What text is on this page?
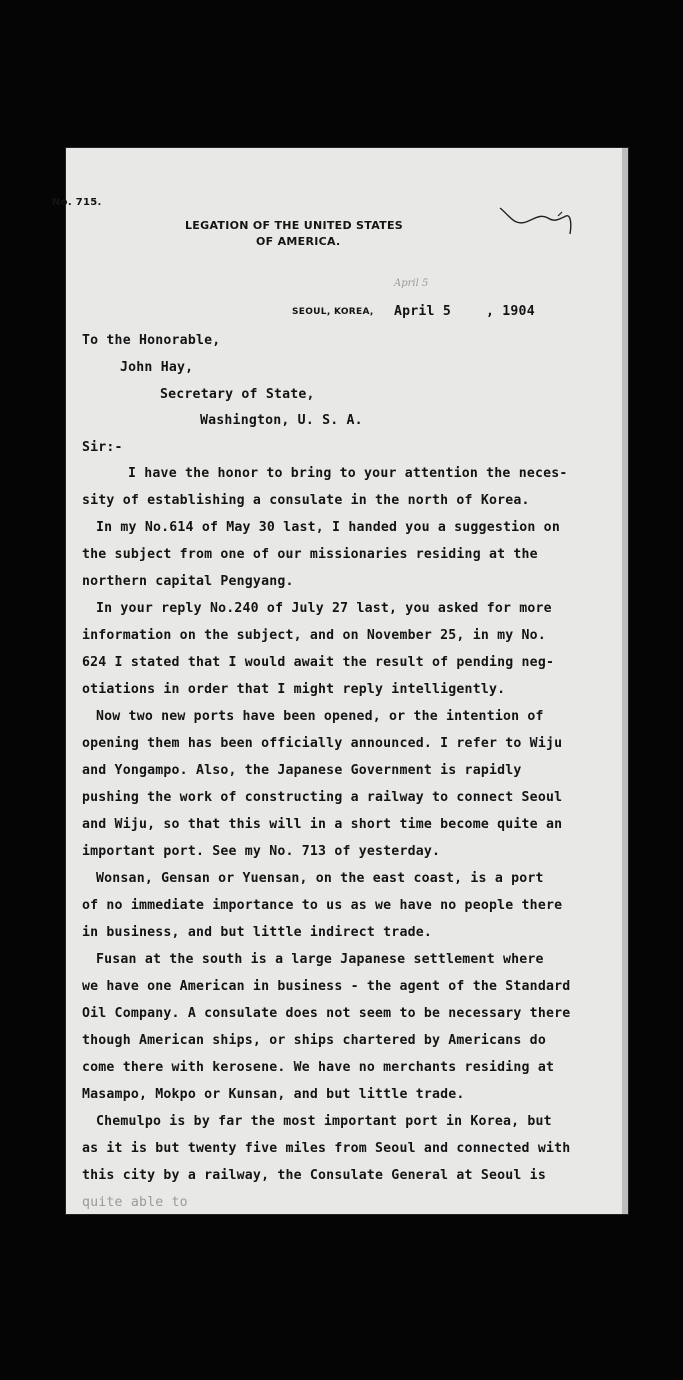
No. 715.
LEGATION OF THE UNITED STATES
OF AMERICA.
April 5
SEOUL, KOREA, April 5	, 1904
To the Honorable,
John Hay,
Secretary of State,
Washington, U. S. A.
Sir:-
I have the honor to bring to your attention the neces-
sity of establishing a consulate in the north of Korea.
In my No.614 of May 30 last, I handed you a suggestion on
the subject from one of our missionaries residing at the
northern capital Pengyang.
In your reply No.240 of July 27 last, you asked for more
information on the subject, and on November 25, in my No.
624 I stated that I would await the result of pending neg-
otiations in order that I might reply intelligently.
Now two new ports have been opened, or the intention of
opening them has been officially announced. I refer to Wiju
and Yongampo. Also, the Japanese Government is rapidly
pushing the work of constructing a railway to connect Seoul
and Wiju, so that this will in a short time become quite an
important port. See my No. 713 of yesterday.
Wonsan, Gensan or Yuensan, on the east coast, is a port
of no immediate importance to us as we have no people there
in business, and but little indirect trade.
Fusan at the south is a large Japanese settlement where
we have one American in business - the agent of the Standard
Oil Company. A consulate does not seem to be necessary there
though American ships, or ships chartered by Americans do
come there with kerosene. We have no merchants residing at
Masampo, Mokpo or Kunsan, and but little trade.
Chemulpo is by far the most important port in Korea, but
as it is but twenty five miles from Seoul and connected with
this city by a railway, the Consulate General at Seoul is
quite able to
